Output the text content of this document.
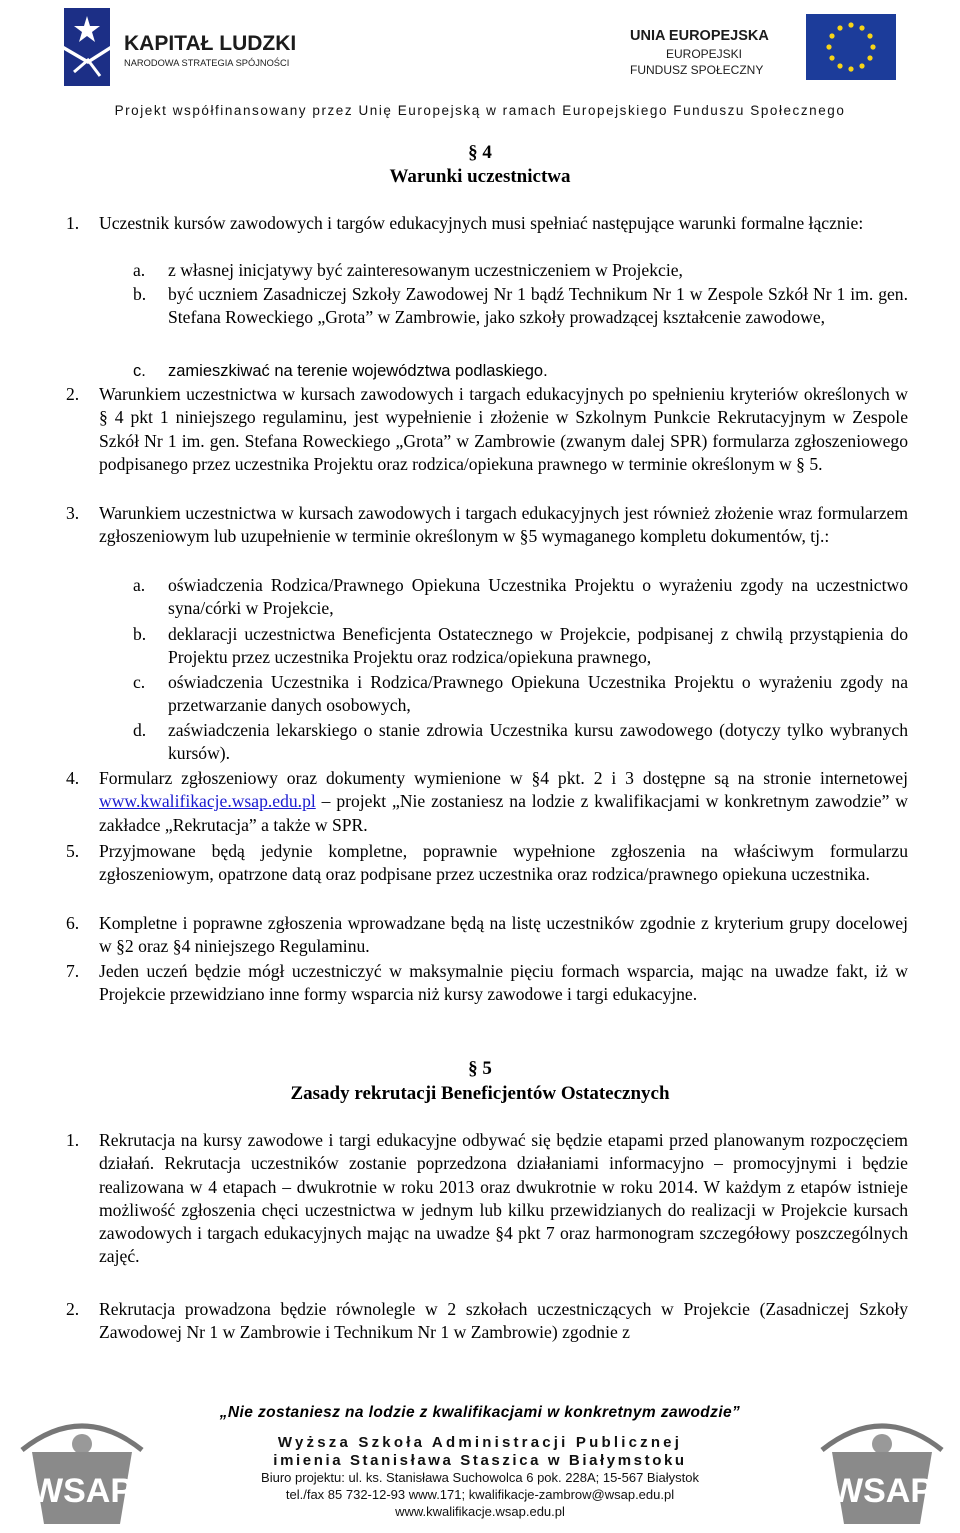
KAPITAŁ LUDZKI
NARODOWA STRATEGIA SPÓJNOŚCI
UNIA EUROPEJSKA
EUROPEJSKI
FUNDUSZ SPOŁECZNY
Projekt współfinansowany przez Unię Europejską w ramach Europejskiego Funduszu Społecznego
§ 4
Warunki uczestnictwa
1. Uczestnik kursów zawodowych i targów edukacyjnych musi spełniać następujące warunki formalne łącznie:
a. z własnej inicjatywy być zainteresowanym uczestniczeniem w Projekcie,
b. być uczniem Zasadniczej Szkoły Zawodowej Nr 1 bądź Technikum Nr 1 w Zespole Szkół Nr 1 im. gen. Stefana Roweckiego „Grota” w Zambrowie, jako szkoły prowadzącej kształcenie zawodowe,
c. zamieszkiwać na terenie województwa podlaskiego.
2. Warunkiem uczestnictwa w kursach zawodowych i targach edukacyjnych po spełnieniu kryteriów określonych w § 4 pkt 1 niniejszego regulaminu, jest wypełnienie i złożenie w Szkolnym Punkcie Rekrutacyjnym w Zespole Szkół Nr 1 im. gen. Stefana Roweckiego „Grota” w Zambrowie (zwanym dalej SPR) formularza zgłoszeniowego podpisanego przez uczestnika Projektu oraz rodzica/opiekuna prawnego w terminie określonym w § 5.
3. Warunkiem uczestnictwa w kursach zawodowych i targach edukacyjnych jest również złożenie wraz formularzem zgłoszeniowym lub uzupełnienie w terminie określonym w §5 wymaganego kompletu dokumentów, tj.:
a. oświadczenia Rodzica/Prawnego Opiekuna Uczestnika Projektu o wyrażeniu zgody na uczestnictwo syna/córki w Projekcie,
b. deklaracji uczestnictwa Beneficjenta Ostatecznego w Projekcie, podpisanej z chwilą przystąpienia do Projektu przez uczestnika Projektu oraz rodzica/opiekuna prawnego,
c. oświadczenia Uczestnika i Rodzica/Prawnego Opiekuna Uczestnika Projektu o wyrażeniu zgody na przetwarzanie danych osobowych,
d. zaświadczenia lekarskiego o stanie zdrowia Uczestnika kursu zawodowego (dotyczy tylko wybranych kursów).
4. Formularz zgłoszeniowy oraz dokumenty wymienione w §4 pkt. 2 i 3 dostępne są na stronie internetowej www.kwalifikacje.wsap.edu.pl – projekt „Nie zostaniesz na lodzie z kwalifikacjami w konkretnym zawodzie” w zakładce „Rekrutacja” a także w SPR.
5. Przyjmowane będą jedynie kompletne, poprawnie wypełnione zgłoszenia na właściwym formularzu zgłoszeniowym, opatrzone datą oraz podpisane przez uczestnika oraz rodzica/prawnego opiekuna uczestnika.
6. Kompletne i poprawne zgłoszenia wprowadzane będą na listę uczestników zgodnie z kryterium grupy docelowej w §2 oraz §4 niniejszego Regulaminu.
7. Jeden uczeń będzie mógł uczestniczyć w maksymalnie pięciu formach wsparcia, mając na uwadze fakt, iż w Projekcie przewidziano inne formy wsparcia niż kursy zawodowe i targi edukacyjne.
§ 5
Zasady rekrutacji Beneficjentów Ostatecznych
1. Rekrutacja na kursy zawodowe i targi edukacyjne odbywać się będzie etapami przed planowanym rozpoczęciem działań. Rekrutacja uczestników zostanie poprzedzona działaniami informacyjno – promocyjnymi i będzie realizowana w 4 etapach – dwukrotnie w roku 2013 oraz dwukrotnie w roku 2014. W każdym z etapów istnieje możliwość zgłoszenia chęci uczestnictwa w jednym lub kilku przewidzianych do realizacji w Projekcie kursach zawodowych i targach edukacyjnych mając na uwadze §4 pkt 7 oraz harmonogram szczegółowy poszczególnych zajęć.
2. Rekrutacja prowadzona będzie równolegle w 2 szkołach uczestniczących w Projekcie (Zasadniczej Szkoły Zawodowej Nr 1 w Zambrowie i Technikum Nr 1 w Zambrowie) zgodnie z
WSAP	WSAP
„Nie zostaniesz na lodzie z kwalifikacjami w konkretnym zawodzie”
Wyższa Szkoła Administracji Publicznej
imienia Stanisława Staszica w Białymstoku
Biuro projektu: ul. ks. Stanisława Suchowolca 6 pok. 228A; 15-567 Białystok
tel./fax 85 732-12-93 www.171; kwalifikacje-zambrow@wsap.edu.pl
www.kwalifikacje.wsap.edu.pl
